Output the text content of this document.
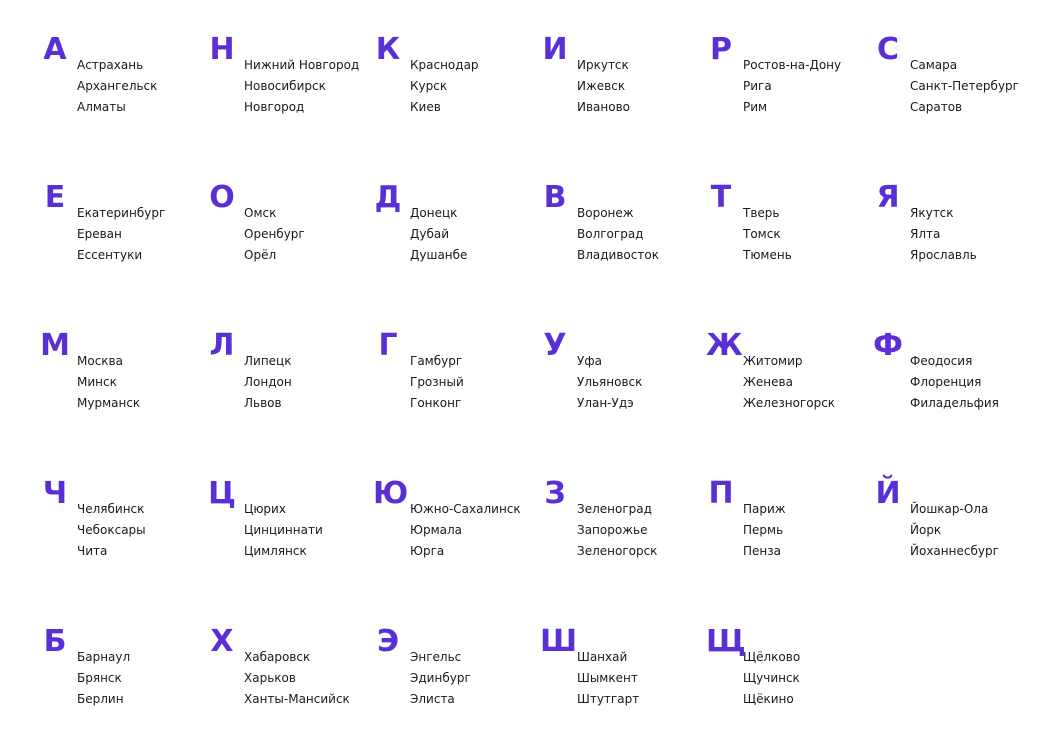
А Астрахань
Архангельск
Алматы
Н Нижний Новгород
Новосибирск
Новгород
К Краснодар
Курск
Киев
И Иркутск
Ижевск
Иваново
Р Ростов-на-Дону
Рига
Рим
С Самара
Санкт-Петербург
Саратов
Е Екатеринбург
Ереван
Ессентуки
О Омск
Оренбург
Орёл
Д Донецк
Дубай
Душанбе
В Воронеж
Волгоград
Владивосток
Т Тверь
Томск
Тюмень
Я Якутск
Ялта
Ярославль
М Москва
Минск
Мурманск
Л Липецк
Лондон
Львов
Г	Гамбург
Грозный
Гонконг
У Уфа
Ульяновск
Улан-Удэ
Ж Житомир
Женева
Железногорск
Ф Феодосия
Флоренция
Филадельфия
Ч Челябинск
Чебоксары
Чита
Ц Цюрих
Цинциннати
Цимлянск
Ю Южно-Сахалинск
Юрмала
Юрга
З Зеленоград
Запорожье
Зеленогорск
П Париж
Пермь
Пенза
Й Йошкар-Ола
Йорк
Йоханнесбург
Б Барнаул
Брянск
Берлин
Х Хабаровск
Харьков
Ханты-Мансийск
Э Энгельс
Эдинбург
Элиста
Ш Шанхай
Шымкент
Штутгарт
Щ
Щёлково
Щучинск
Щёкино
